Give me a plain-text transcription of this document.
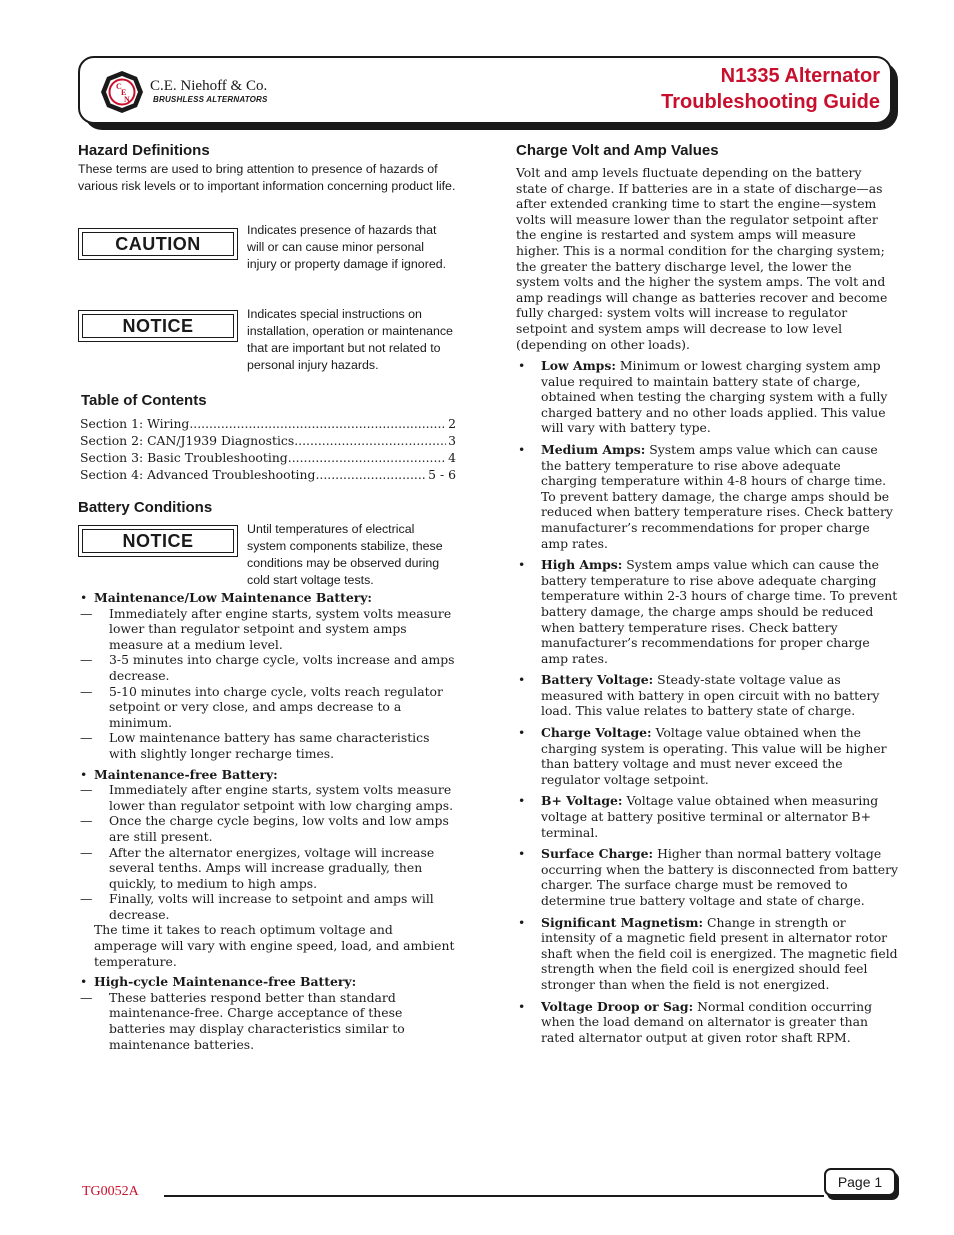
C
E
N
C.E. Niehoff & Co.
BRUSHLESS ALTERNATORS
N1335 Alternator
Troubleshooting Guide
Hazard Definitions
These terms are used to bring attention to presence of hazards of various risk levels or to important information concerning product life.
CAUTION
Indicates presence of hazards that will or can cause minor personal injury or property damage if ignored.
NOTICE
Indicates special instructions on installation, operation or maintenance that are important but not related to personal injury hazards.
Table of Contents
Section 1: Wiring .....	2
Section 2: CAN/J1939 Diagnostics .....	3
Section 3: Basic Troubleshooting .....	4
Section 4: Advanced Troubleshooting .....	5 - 6
Battery Conditions
NOTICE
Until temperatures of electrical system components stabilize, these conditions may be observed during cold start voltage tests.
• Maintenance/Low Maintenance Battery:
— Immediately after engine starts, system volts measure lower than regulator setpoint and system amps measure at a medium level.
— 3-5 minutes into charge cycle, volts increase and amps decrease.
— 5-10 minutes into charge cycle, volts reach regulator setpoint or very close, and amps decrease to a minimum.
— Low maintenance battery has same characteristics with slightly longer recharge times.
• Maintenance-free Battery:
— Immediately after engine starts, system volts measure lower than regulator setpoint with low charging amps.
— Once the charge cycle begins, low volts and low amps are still present.
— After the alternator energizes, voltage will increase several tenths. Amps will increase gradually, then quickly, to medium to high amps.
— Finally, volts will increase to setpoint and amps will decrease.
The time it takes to reach optimum voltage and amperage will vary with engine speed, load, and ambient temperature.
• High-cycle Maintenance-free Battery:
— These batteries respond better than standard maintenance-free. Charge acceptance of these batteries may display characteristics similar to maintenance batteries.
Charge Volt and Amp Values
Volt and amp levels fluctuate depending on the battery state of charge. If batteries are in a state of discharge—as after extended cranking time to start the engine—system volts will measure lower than the regulator setpoint after the engine is restarted and system amps will measure higher. This is a normal condition for the charging system; the greater the battery discharge level, the lower the system volts and the higher the system amps. The volt and amp readings will change as batteries recover and become fully charged: system volts will increase to regulator setpoint and system amps will decrease to low level (depending on other loads).
• Low Amps: Minimum or lowest charging system amp value required to maintain battery state of charge, obtained when testing the charging system with a fully charged battery and no other loads applied. This value will vary with battery type.
• Medium Amps: System amps value which can cause the battery temperature to rise above adequate charging temperature within 4-8 hours of charge time. To prevent battery damage, the charge amps should be reduced when battery temperature rises. Check battery manufacturer’s recommendations for proper charge amp rates.
• High Amps: System amps value which can cause the battery temperature to rise above adequate charging temperature within 2-3 hours of charge time. To prevent battery damage, the charge amps should be reduced when battery temperature rises. Check battery manufacturer’s recommendations for proper charge amp rates.
• Battery Voltage: Steady-state voltage value as measured with battery in open circuit with no battery load. This value relates to battery state of charge.
• Charge Voltage: Voltage value obtained when the charging system is operating. This value will be higher than battery voltage and must never exceed the regulator voltage setpoint.
• B+ Voltage: Voltage value obtained when measuring voltage at battery positive terminal or alternator B+ terminal.
• Surface Charge: Higher than normal battery voltage occurring when the battery is disconnected from battery charger. The surface charge must be removed to determine true battery voltage and state of charge.
• Significant Magnetism: Change in strength or intensity of a magnetic field present in alternator rotor shaft when the field coil is energized. The magnetic field strength when the field coil is energized should feel stronger than when the field is not energized.
• Voltage Droop or Sag: Normal condition occurring when the load demand on alternator is greater than rated alternator output at given rotor shaft RPM.
TG0052A
Page 1
